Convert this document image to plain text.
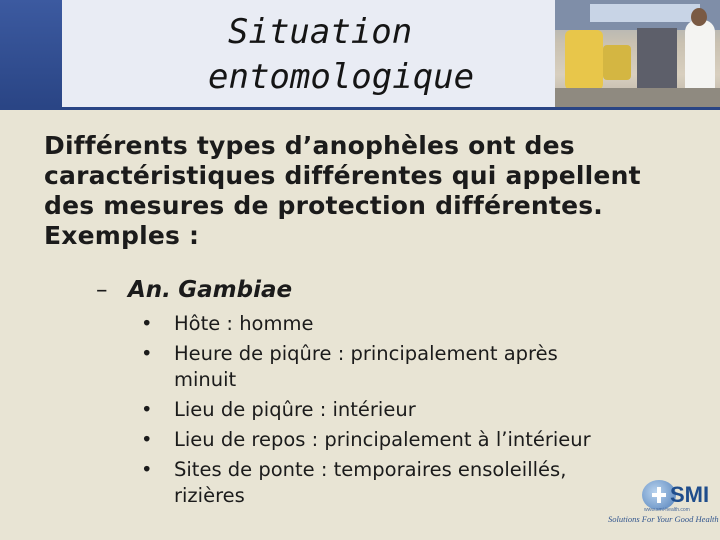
Situation
entomologique
Différents types d’anophèles ont des
caractéristiques différentes qui appellent
des mesures de protection différentes.
Exemples :
– An. Gambiae
• Hôte : homme
• Heure de piqûre : principalement après
minuit
• Lieu de piqûre : intérieur
• Lieu de repos : principalement à l’intérieur
• Sites de ponte : temporaires ensoleillés,
rizières	SMI
www.smi-health.com
Solutions For Your Good Health
